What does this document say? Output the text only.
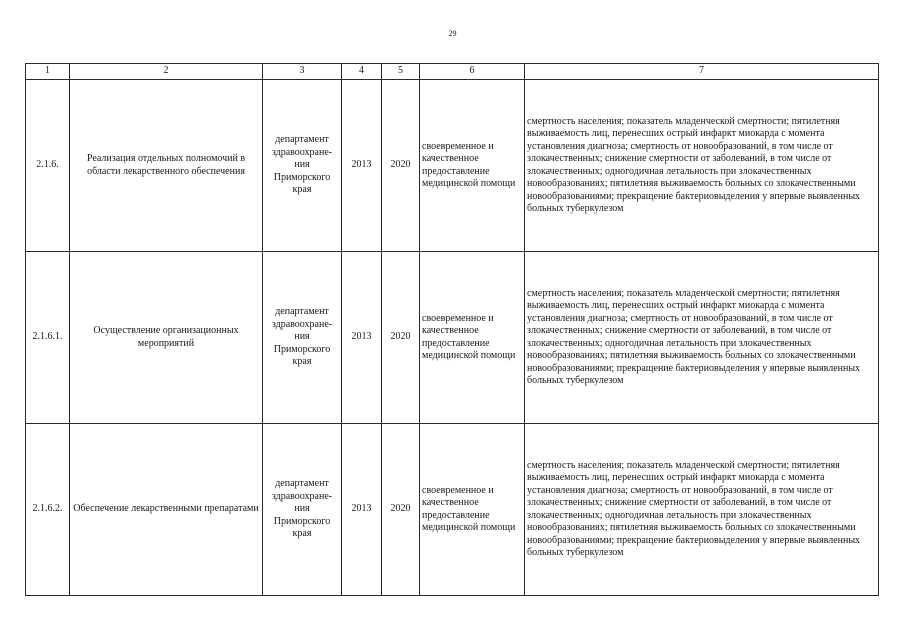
29
1	2	3	4	5	6	7
2.1.6.	Реализация отдельных полномочий в области лекарственного обеспечения	департамент здравоохране-ния Приморского края	2013	2020	своевременное и качественное предоставление медицинской помощи	смертность населения; показатель младенческой смертности; пятилетняя выживаемость лиц, перенесших острый инфаркт миокарда с момента установления диагноза; смертность от новообразований, в том числе от злокачественных; снижение смертности от заболеваний, в том числе от злокачественных; одногодичная летальность при злокачественных новообразованиях; пятилетняя выживаемость больных со злокачественными новообразованиями; прекращение бактериовыделения у впервые выявленных больных туберкулезом
2.1.6.1.	Осуществление организационных мероприятий	департамент здравоохране-ния Приморского края	2013	2020	своевременное и качественное предоставление медицинской помощи	смертность населения; показатель младенческой смертности; пятилетняя выживаемость лиц, перенесших острый инфаркт миокарда с момента установления диагноза; смертность от новообразований, в том числе от злокачественных; снижение смертности от заболеваний, в том числе от злокачественных; одногодичная летальность при злокачественных новообразованиях; пятилетняя выживаемость больных со злокачественными новообразованиями; прекращение бактериовыделения у впервые выявленных больных туберкулезом
2.1.6.2.	Обеспечение лекарственными препаратами	департамент здравоохране-ния Приморского края	2013	2020	своевременное и качественное предоставление медицинской помощи	смертность населения; показатель младенческой смертности; пятилетняя выживаемость лиц, перенесших острый инфаркт миокарда с момента установления диагноза; смертность от новообразований, в том числе от злокачественных; снижение смертности от заболеваний, в том числе от злокачественных; одногодичная летальность при злокачественных новообразованиях; пятилетняя выживаемость больных со злокачественными новообразованиями; прекращение бактериовыделения у впервые выявленных больных туберкулезом
